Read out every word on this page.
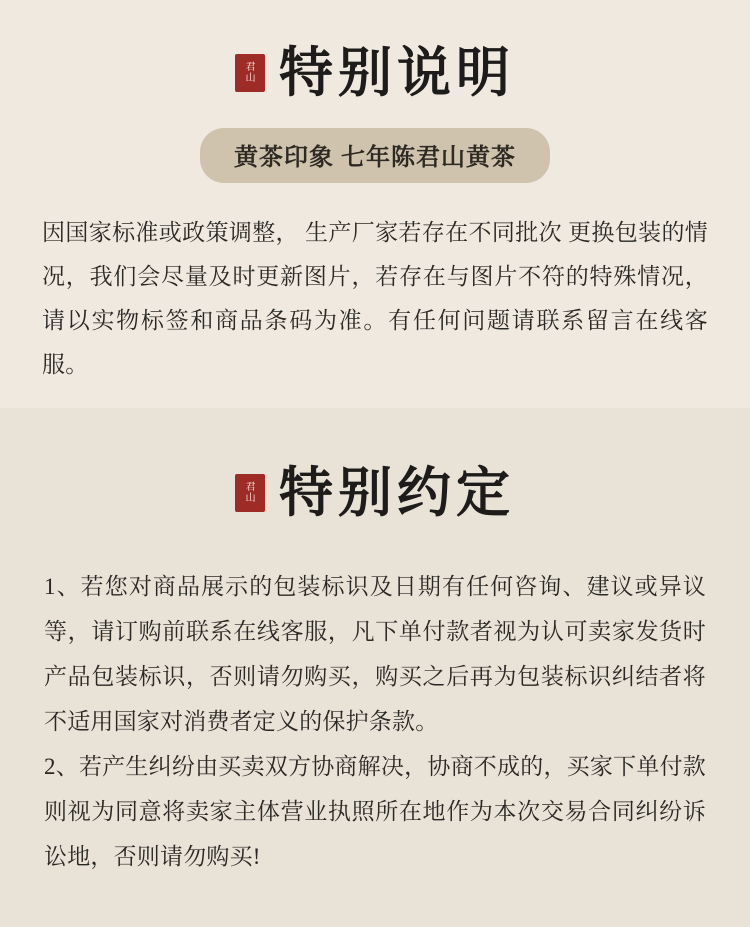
君
山 特别说明
黄茶印象 七年陈君山黄茶
因国家标准或政策调整， 生产厂家若存在不同批次 更换包装的情况，我们会尽量及时更新图片，若存在与图片不符的特殊情况，请以实物标签和商品条码为准。有任何问题请联系留言在线客服。
君
山 特别约定
1、若您对商品展示的包装标识及日期有任何咨询、建议或异议等，请订购前联系在线客服，凡下单付款者视为认可卖家发货时产品包装标识，否则请勿购买，购买之后再为包装标识纠结者将不适用国家对消费者定义的保护条款。
2、若产生纠纷由买卖双方协商解决，协商不成的，买家下单付款则视为同意将卖家主体营业执照所在地作为本次交易合同纠纷诉讼地，否则请勿购买!
